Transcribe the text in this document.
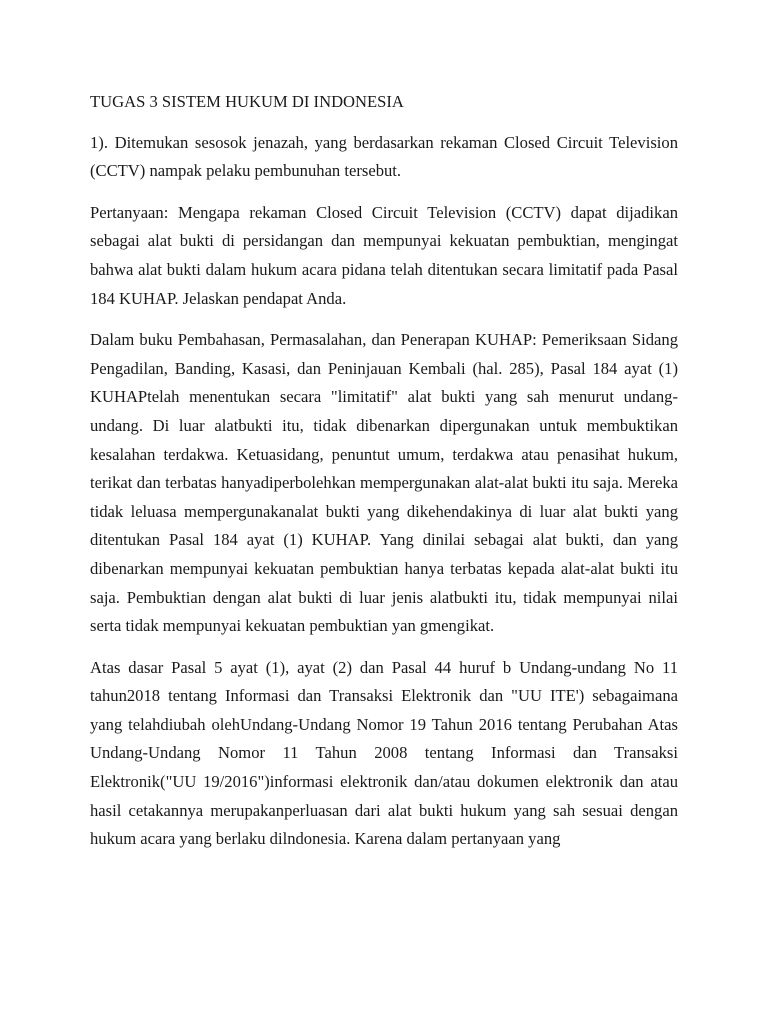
TUGAS 3 SISTEM HUKUM DI INDONESIA

1). Ditemukan sesosok jenazah, yang berdasarkan rekaman Closed Circuit Television (CCTV) nampak pelaku pembunuhan tersebut.

Pertanyaan: Mengapa rekaman Closed Circuit Television (CCTV) dapat dijadikan sebagai alat bukti di persidangan dan mempunyai kekuatan pembuktian, mengingat bahwa alat bukti dalam hukum acara pidana telah ditentukan secara limitatif pada Pasal 184 KUHAP. Jelaskan pendapat Anda.

Dalam buku Pembahasan, Permasalahan, dan Penerapan KUHAP: Pemeriksaan Sidang Pengadilan, Banding, Kasasi, dan Peninjauan Kembali (hal. 285), Pasal 184 ayat (1) KUHAPtelah menentukan secara "limitatif" alat bukti yang sah menurut undang-undang. Di luar alatbukti itu, tidak dibenarkan dipergunakan untuk membuktikan kesalahan terdakwa. Ketuasidang, penuntut umum, terdakwa atau penasihat hukum, terikat dan terbatas hanyadiperbolehkan mempergunakan alat-alat bukti itu saja. Mereka tidak leluasa mempergunakanalat bukti yang dikehendakinya di luar alat bukti yang ditentukan Pasal 184 ayat (1) KUHAP. Yang dinilai sebagai alat bukti, dan yang dibenarkan mempunyai kekuatan pembuktian hanya terbatas kepada alat-alat bukti itu saja. Pembuktian dengan alat bukti di luar jenis alatbukti itu, tidak mempunyai nilai serta tidak mempunyai kekuatan pembuktian yan gmengikat.

Atas dasar Pasal 5 ayat (1), ayat (2) dan Pasal 44 huruf b Undang-undang No 11 tahun2018 tentang Informasi dan Transaksi Elektronik dan "UU ITE') sebagaimana yang telahdiubah olehUndang-Undang Nomor 19 Tahun 2016 tentang Perubahan Atas Undang-Undang Nomor 11 Tahun 2008 tentang Informasi dan Transaksi Elektronik("UU 19/2016")informasi elektronik dan/atau dokumen elektronik dan atau hasil cetakannya merupakanperluasan dari alat bukti hukum yang sah sesuai dengan hukum acara yang berlaku dilndonesia. Karena dalam pertanyaan yang
